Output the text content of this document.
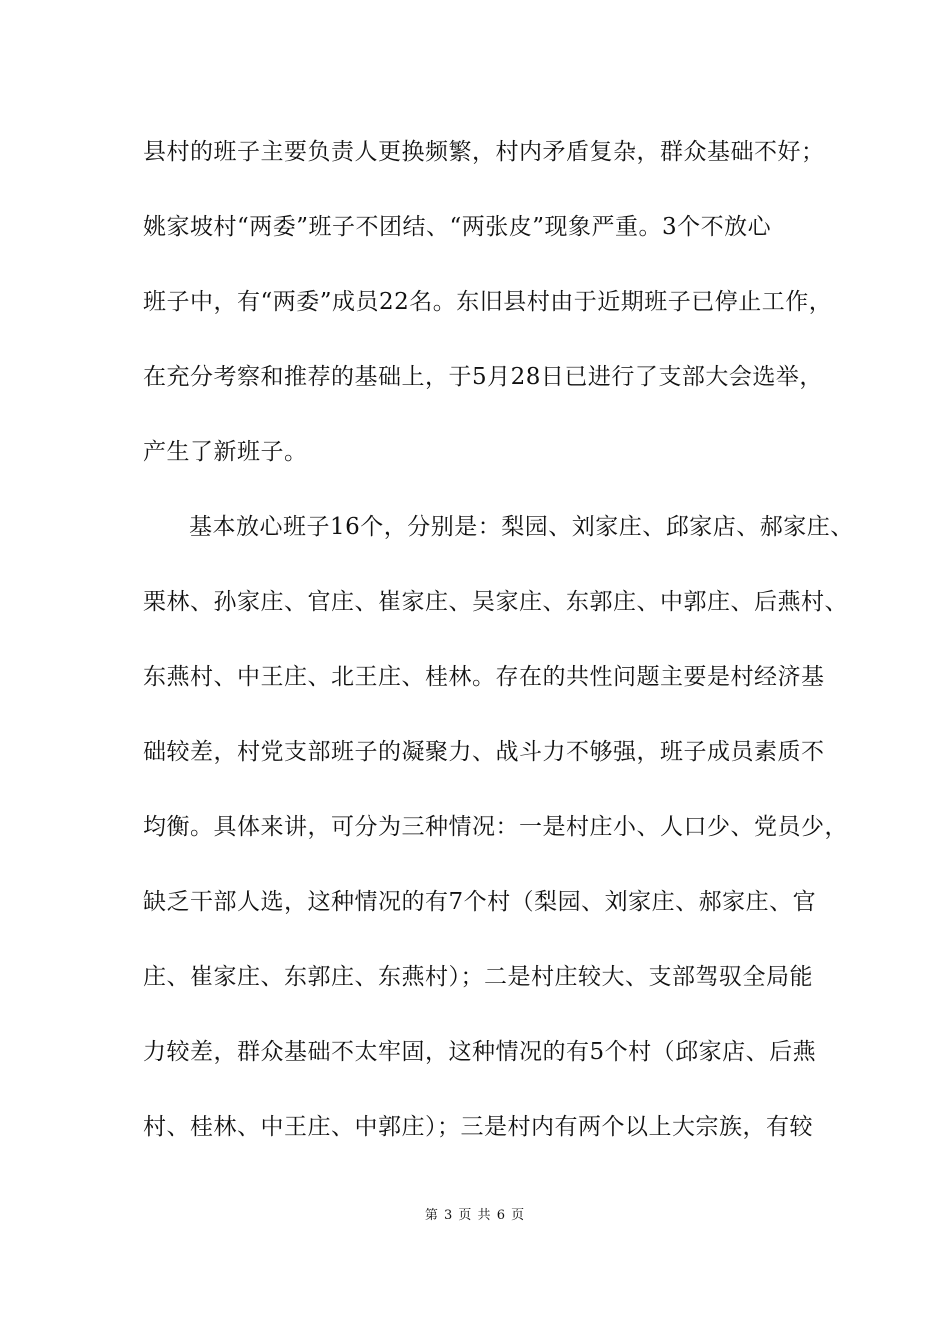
县村的班子主要负责人更换频繁，村内矛盾复杂，群众基础不好；
姚家坡村“两委”班子不团结、“两张皮”现象严重。3个不放心
班子中，有“两委”成员22名。东旧县村由于近期班子已停止工作，
在充分考察和推荐的基础上，于5月28日已进行了支部大会选举，
产生了新班子。
基本放心班子16个，分别是：梨园、刘家庄、邱家店、郝家庄、
栗林、孙家庄、官庄、崔家庄、吴家庄、东郭庄、中郭庄、后燕村、
东燕村、中王庄、北王庄、桂林。存在的共性问题主要是村经济基
础较差，村党支部班子的凝聚力、战斗力不够强，班子成员素质不
均衡。具体来讲，可分为三种情况：一是村庄小、人口少、党员少，
缺乏干部人选，这种情况的有7个村（梨园、刘家庄、郝家庄、官
庄、崔家庄、东郭庄、东燕村）；二是村庄较大、支部驾驭全局能
力较差，群众基础不太牢固，这种情况的有5个村（邱家店、后燕
村、桂林、中王庄、中郭庄）；三是村内有两个以上大宗族，有较
第 3 页 共 6 页
